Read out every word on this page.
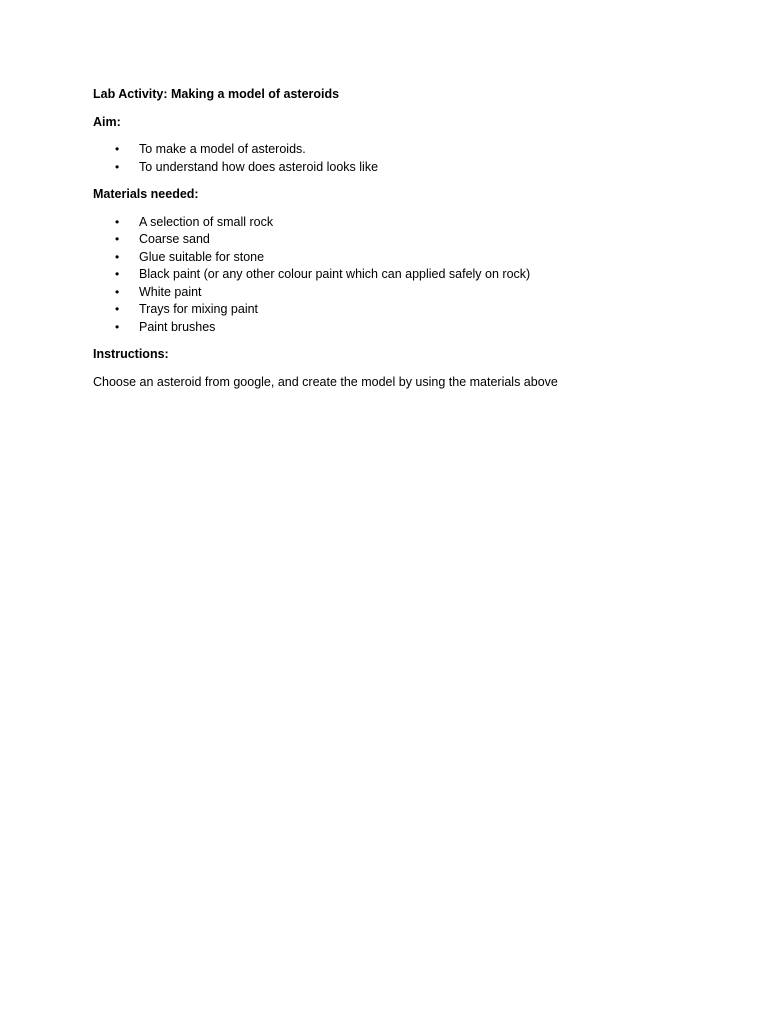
Lab Activity: Making a model of asteroids

Aim:

• To make a model of asteroids.
• To understand how does asteroid looks like

Materials needed:

• A selection of small rock
• Coarse sand
• Glue suitable for stone
• Black paint (or any other colour paint which can applied safely on rock)
• White paint
• Trays for mixing paint
• Paint brushes

Instructions:

Choose an asteroid from google, and create the model by using the materials above
